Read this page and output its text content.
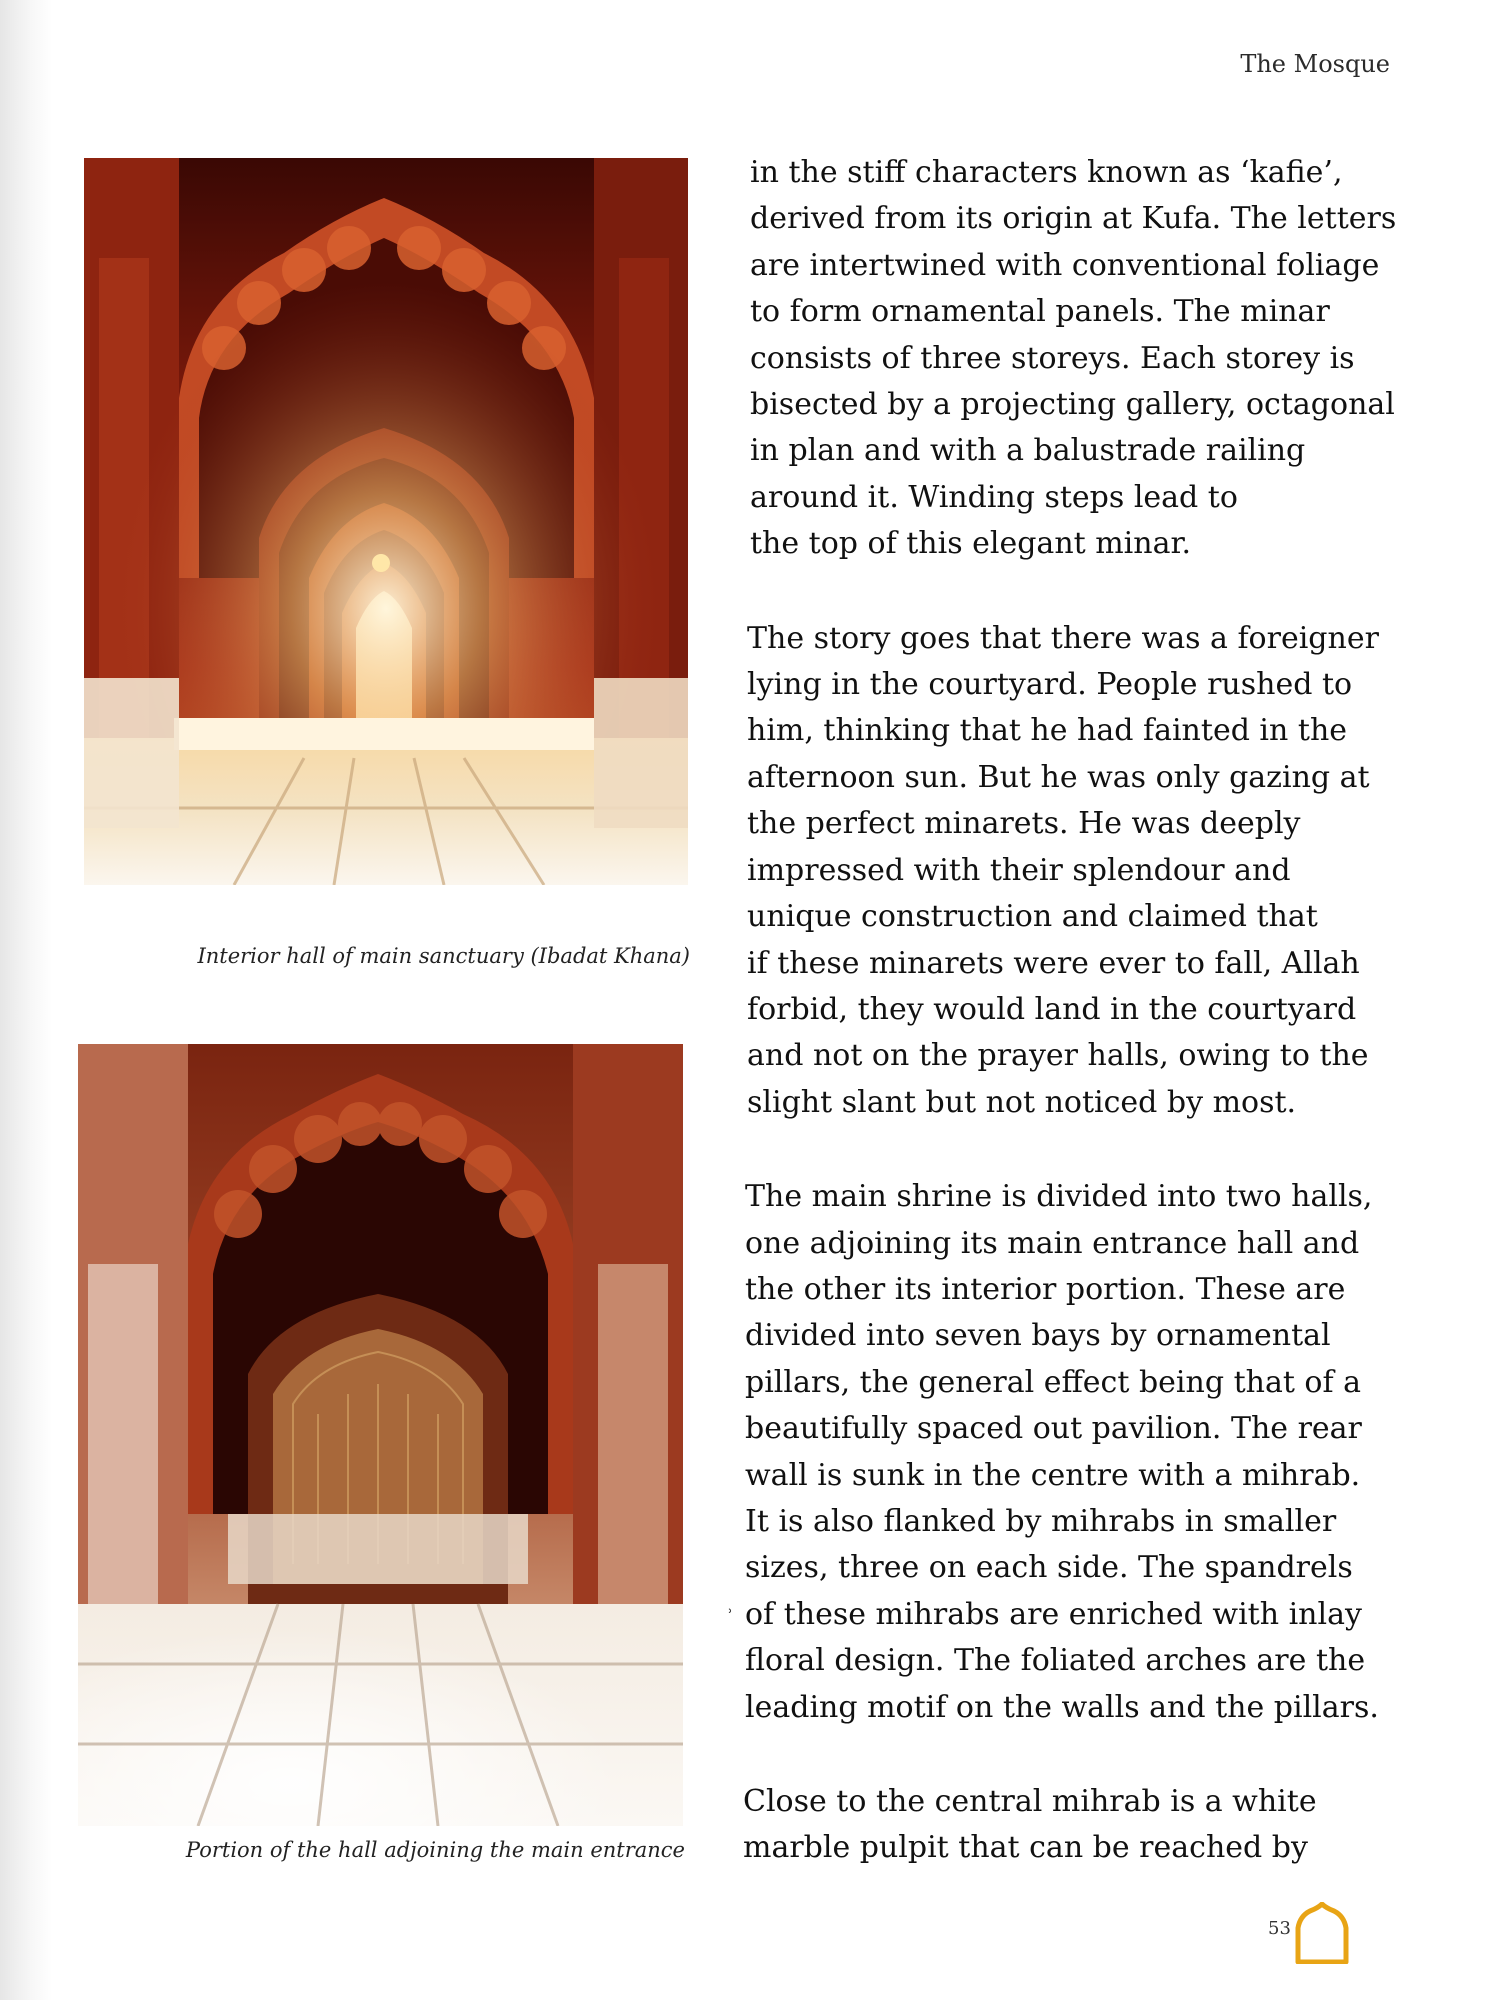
The Mosque
Interior hall of main sanctuary (Ibadat Khana)
Portion of the hall adjoining the main entrance

in the stiff characters known as ‘kafie’,
derived from its origin at Kufa. The letters
are intertwined with conventional foliage
to form ornamental panels. The minar
consists of three storeys. Each storey is
bisected by a projecting gallery, octagonal
in plan and with a balustrade railing
around it. Winding steps lead to
the top of this elegant minar.

The story goes that there was a foreigner
lying in the courtyard. People rushed to
him, thinking that he had fainted in the
afternoon sun. But he was only gazing at
the perfect minarets. He was deeply
impressed with their splendour and
unique construction and claimed that
if these minarets were ever to fall, Allah
forbid, they would land in the courtyard
and not on the prayer halls, owing to the
slight slant but not noticed by most.

The main shrine is divided into two halls,
one adjoining its main entrance hall and
the other its interior portion. These are
divided into seven bays by ornamental
pillars, the general effect being that of a
beautifully spaced out pavilion. The rear
wall is sunk in the centre with a mihrab.
It is also flanked by mihrabs in smaller
sizes, three on each side. The spandrels
of these mihrabs are enriched with inlay
floral design. The foliated arches are the
leading motif on the walls and the pillars.

Close to the central mihrab is a white
marble pulpit that can be reached by

ʾ
53
